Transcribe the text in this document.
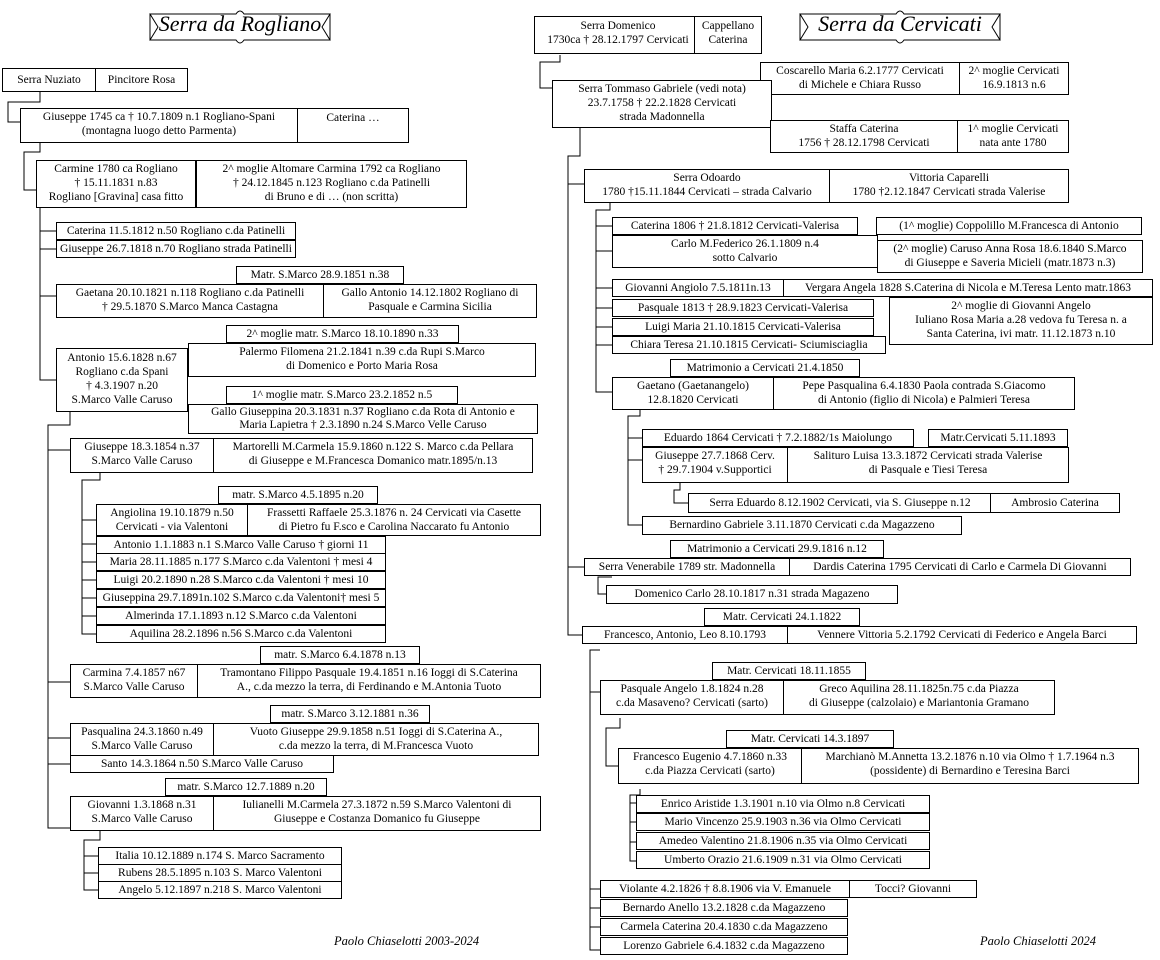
Serra da Rogliano	Serra da Cervicati
Serra Nuziato	Pincitore Rosa
Giuseppe 1745 ca † 10.7.1809 n.1 Rogliano-Spani
(montagna luogo detto Parmenta)
Caterina …
Carmine 1780 ca Rogliano
† 15.11.1831 n.83
Rogliano [Gravina] casa fitto
2^ moglie Altomare Carmina 1792 ca Rogliano
† 24.12.1845 n.123 Rogliano c.da Patinelli
di Bruno e di … (non scritta)
Caterina 11.5.1812 n.50 Rogliano c.da Patinelli
Giuseppe 26.7.1818 n.70 Rogliano strada Patinelli
Matr. S.Marco 28.9.1851 n.38
Gaetana 20.10.1821 n.118 Rogliano c.da Patinelli
† 29.5.1870 S.Marco Manca Castagna
Gallo Antonio 14.12.1802 Rogliano di
Pasquale e Carmina Sicilia
2^ moglie matr. S.Marco 18.10.1890 n.33
Antonio 15.6.1828 n.67
Rogliano c.da Spani
† 4.3.1907 n.20
S.Marco Valle Caruso
Palermo Filomena 21.2.1841 n.39 c.da Rupi S.Marco
di Domenico e Porto Maria Rosa
1^ moglie matr. S.Marco 23.2.1852 n.5
Gallo Giuseppina 20.3.1831 n.37 Rogliano c.da Rota di Antonio e
Maria Lapietra † 2.3.1890 n.24 S.Marco Velle Caruso
Giuseppe 18.3.1854 n.37
S.Marco Valle Caruso
Martorelli M.Carmela 15.9.1860 n.122 S. Marco c.da Pellara
di Giuseppe e M.Francesca Domanico matr.1895/n.13
matr. S.Marco 4.5.1895 n.20
Angiolina 19.10.1879 n.50
Cervicati - via Valentoni
Frassetti Raffaele 25.3.1876 n. 24 Cervicati via Casette
di Pietro fu F.sco e Carolina Naccarato fu Antonio
Antonio 1.1.1883 n.1 S.Marco Valle Caruso † giorni 11
Maria 28.11.1885 n.177 S.Marco c.da Valentoni † mesi 4
Luigi 20.2.1890 n.28 S.Marco c.da Valentoni † mesi 10
Giuseppina 29.7.1891n.102 S.Marco c.da Valentoni† mesi 5
Almerinda 17.1.1893 n.12 S.Marco c.da Valentoni
Aquilina 28.2.1896 n.56 S.Marco c.da Valentoni
matr. S.Marco 6.4.1878 n.13
Carmina 7.4.1857 n67
S.Marco Valle Caruso
Tramontano Filippo Pasquale 19.4.1851 n.16 Ioggi di S.Caterina
A., c.da mezzo la terra, di Ferdinando e M.Antonia Tuoto
matr. S.Marco 3.12.1881 n.36
Pasqualina 24.3.1860 n.49
S.Marco Valle Caruso
Vuoto Giuseppe 29.9.1858 n.51 Ioggi di S.Caterina A.,
c.da mezzo la terra, di M.Francesca Vuoto
Santo 14.3.1864 n.50 S.Marco Valle Caruso
matr. S.Marco 12.7.1889 n.20
Giovanni 1.3.1868 n.31
S.Marco Valle Caruso
Iulianelli M.Carmela 27.3.1872 n.59 S.Marco Valentoni di
Giuseppe e Costanza Domanico fu Giuseppe
Italia 10.12.1889 n.174 S. Marco Sacramento
Rubens 28.5.1895 n.103 S. Marco Valentoni
Angelo 5.12.1897 n.218 S. Marco Valentoni
Paolo Chiaselotti 2003-2024
Serra Domenico
1730ca † 28.12.1797 Cervicati
Cappellano
Caterina
Coscarello Maria 6.2.1777 Cervicati
di Michele e Chiara Russo
2^ moglie Cervicati
16.9.1813 n.6
Serra Tommaso Gabriele (vedi nota)
23.7.1758 † 22.2.1828 Cervicati
strada Madonnella
Staffa Caterina
1756 † 28.12.1798 Cervicati
1^ moglie Cervicati
nata ante 1780
Serra Odoardo
1780 †15.11.1844 Cervicati – strada Calvario
Vittoria Caparelli
1780 †2.12.1847 Cervicati strada Valerise
Caterina 1806 † 21.8.1812 Cervicati-Valerisa	(1^ moglie) Coppolillo M.Francesca di Antonio
Carlo M.Federico 26.1.1809 n.4
sotto Calvario
(2^ moglie) Caruso Anna Rosa 18.6.1840 S.Marco
di Giuseppe e Saveria Micieli (matr.1873 n.3)
Giovanni Angiolo 7.5.1811n.13	Vergara Angela 1828 S.Caterina di Nicola e M.Teresa Lento matr.1863
Pasquale 1813 † 28.9.1823 Cervicati-Valerisa	2^ moglie di Giovanni Angelo
Iuliano Rosa Maria a.28 vedova fu Teresa n. a
Santa Caterina, ivi matr. 11.12.1873 n.10
Luigi Maria 21.10.1815 Cervicati-Valerisa
Chiara Teresa 21.10.1815 Cervicati- Sciumisciaglia
Matrimonio a Cervicati 21.4.1850
Gaetano (Gaetanangelo)
12.8.1820 Cervicati
Pepe Pasqualina 6.4.1830 Paola contrada S.Giacomo
di Antonio (figlio di Nicola) e Palmieri Teresa
Eduardo 1864 Cervicati † 7.2.1882/1s Maiolungo	Matr.Cervicati 5.11.1893
Giuseppe 27.7.1868 Cerv.
† 29.7.1904 v.Supportici
Salituro Luisa 13.3.1872 Cervicati strada Valerise
di Pasquale e Tiesi Teresa
Serra Eduardo 8.12.1902 Cervicati, via S. Giuseppe n.12	Ambrosio Caterina
Bernardino Gabriele 3.11.1870 Cervicati c.da Magazzeno
Matrimonio a Cervicati 29.9.1816 n.12
Serra Venerabile 1789 str. Madonnella	Dardis Caterina 1795 Cervicati di Carlo e Carmela Di Giovanni
Domenico Carlo 28.10.1817 n.31 strada Magazeno
Matr. Cervicati 24.1.1822
Francesco, Antonio, Leo 8.10.1793	Vennere Vittoria 5.2.1792 Cervicati di Federico e Angela Barci
Matr. Cervicati 18.11.1855
Pasquale Angelo 1.8.1824 n.28
c.da Masaveno? Cervicati (sarto)
Greco Aquilina 28.11.1825n.75 c.da Piazza
di Giuseppe (calzolaio) e Mariantonia Gramano
Matr. Cervicati 14.3.1897
Francesco Eugenio 4.7.1860 n.33
c.da Piazza Cervicati (sarto)
Marchianò M.Annetta 13.2.1876 n.10 via Olmo † 1.7.1964 n.3
(possidente) di Bernardino e Teresina Barci
Enrico Aristide 1.3.1901 n.10 via Olmo n.8 Cervicati
Mario Vincenzo 25.9.1903 n.36 via Olmo Cervicati
Amedeo Valentino 21.8.1906 n.35 via Olmo Cervicati
Umberto Orazio 21.6.1909 n.31 via Olmo Cervicati
Violante 4.2.1826 † 8.8.1906 via V. Emanuele	Tocci? Giovanni
Bernardo Anello 13.2.1828 c.da Magazzeno
Carmela Caterina 20.4.1830 c.da Magazzeno
Lorenzo Gabriele 6.4.1832 c.da Magazzeno	Paolo Chiaselotti 2024
